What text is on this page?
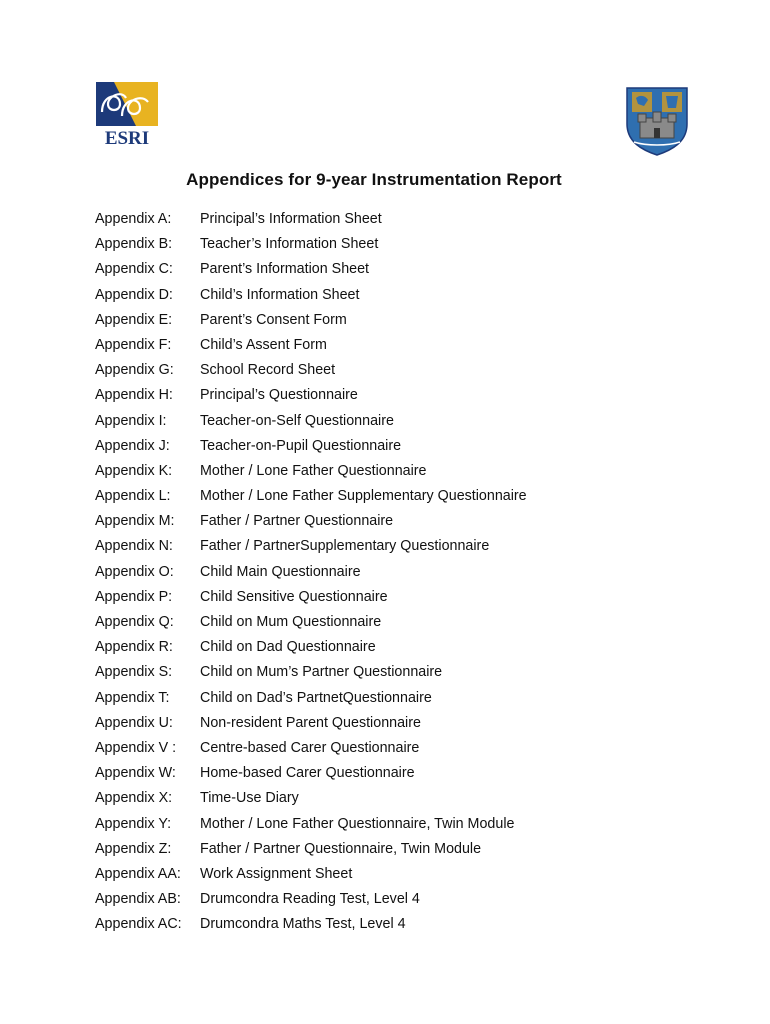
ESRI
Appendices for 9-year Instrumentation Report
Appendix A:	Principal’s Information Sheet
Appendix B:	Teacher’s Information Sheet
Appendix C:	Parent’s Information Sheet
Appendix D:	Child’s Information Sheet
Appendix E:	Parent’s Consent Form
Appendix F:	Child’s Assent Form
Appendix G:	School Record Sheet
Appendix H:	Principal’s Questionnaire
Appendix I:	Teacher-on-Self Questionnaire
Appendix J:	Teacher-on-Pupil Questionnaire
Appendix K:	Mother / Lone Father Questionnaire
Appendix L:	Mother / Lone Father Supplementary Questionnaire
Appendix M:	Father / Partner Questionnaire
Appendix N:	Father / PartnerSupplementary Questionnaire
Appendix O:	Child Main Questionnaire
Appendix P:	Child Sensitive Questionnaire
Appendix Q:	Child on Mum Questionnaire
Appendix R:	Child on Dad Questionnaire
Appendix S:	Child on Mum’s Partner Questionnaire
Appendix T:	Child on Dad’s PartnetQuestionnaire
Appendix U:	Non-resident Parent Questionnaire
Appendix V :	Centre-based Carer Questionnaire
Appendix W:	Home-based Carer Questionnaire
Appendix X:	Time-Use Diary
Appendix Y:	Mother / Lone Father Questionnaire, Twin Module
Appendix Z:	Father / Partner Questionnaire, Twin Module
Appendix AA:	Work Assignment Sheet
Appendix AB:	Drumcondra Reading Test, Level 4
Appendix AC:	Drumcondra Maths Test, Level 4
